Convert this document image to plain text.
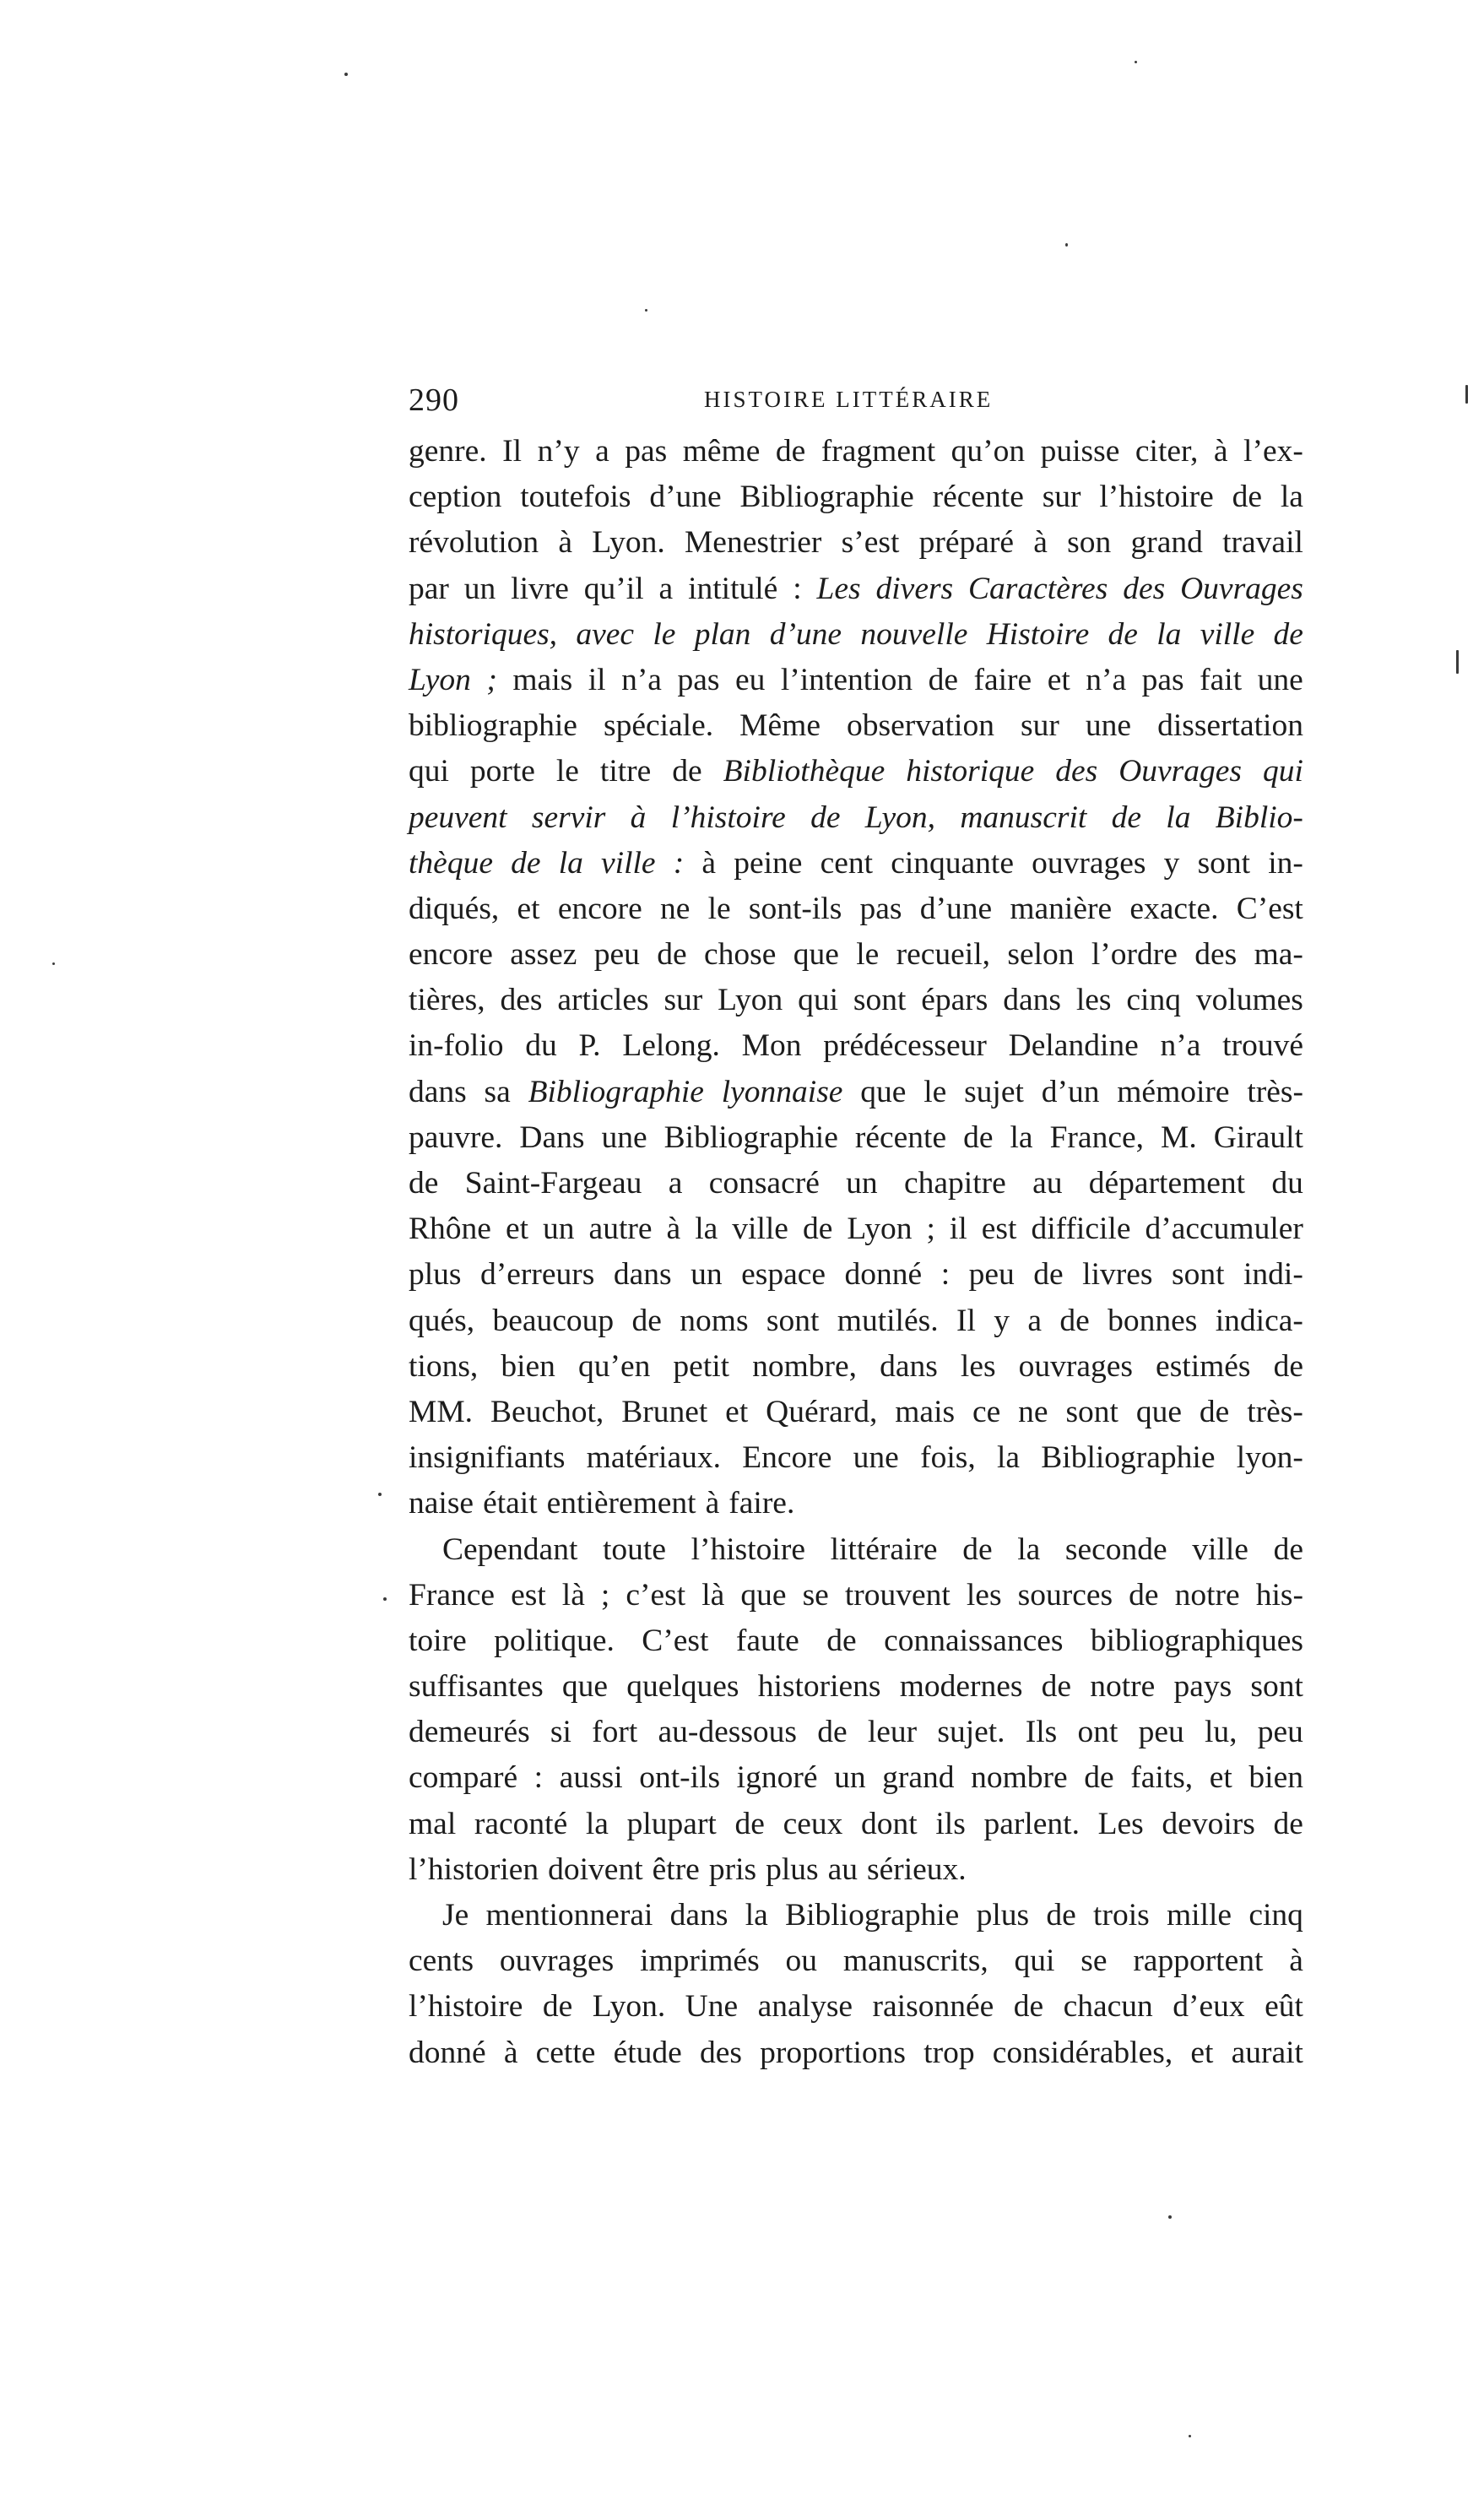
290	HISTOIRE LITTÉRAIRE
genre. Il n’y a pas même de fragment qu’on puisse citer, à l’ex-
ception toutefois d’une Bibliographie récente sur l’histoire de la
révolution à Lyon. Menestrier s’est préparé à son grand travail
par un livre qu’il a intitulé : Les divers Caractères des Ouvrages
historiques, avec le plan d’une nouvelle Histoire de la ville de
Lyon ; mais il n’a pas eu l’intention de faire et n’a pas fait une
bibliographie spéciale. Même observation sur une dissertation
qui porte le titre de Bibliothèque historique des Ouvrages qui
peuvent servir à l’histoire de Lyon, manuscrit de la Biblio-
thèque de la ville : à peine cent cinquante ouvrages y sont in-
diqués, et encore ne le sont-ils pas d’une manière exacte. C’est
encore assez peu de chose que le recueil, selon l’ordre des ma-
tières, des articles sur Lyon qui sont épars dans les cinq volumes
in-folio du P. Lelong. Mon prédécesseur Delandine n’a trouvé
dans sa Bibliographie lyonnaise que le sujet d’un mémoire très-
pauvre. Dans une Bibliographie récente de la France, M. Girault
de Saint-Fargeau a consacré un chapitre au département du
Rhône et un autre à la ville de Lyon ; il est difficile d’accumuler
plus d’erreurs dans un espace donné : peu de livres sont indi-
qués, beaucoup de noms sont mutilés. Il y a de bonnes indica-
tions, bien qu’en petit nombre, dans les ouvrages estimés de
MM. Beuchot, Brunet et Quérard, mais ce ne sont que de très-
insignifiants matériaux. Encore une fois, la Bibliographie lyon-
naise était entièrement à faire.
Cependant toute l’histoire littéraire de la seconde ville de
France est là ; c’est là que se trouvent les sources de notre his-
toire politique. C’est faute de connaissances bibliographiques
suffisantes que quelques historiens modernes de notre pays sont
demeurés si fort au-dessous de leur sujet. Ils ont peu lu, peu
comparé : aussi ont-ils ignoré un grand nombre de faits, et bien
mal raconté la plupart de ceux dont ils parlent. Les devoirs de
l’historien doivent être pris plus au sérieux.
Je mentionnerai dans la Bibliographie plus de trois mille cinq
cents ouvrages imprimés ou manuscrits, qui se rapportent à
l’histoire de Lyon. Une analyse raisonnée de chacun d’eux eût
donné à cette étude des proportions trop considérables, et aurait
